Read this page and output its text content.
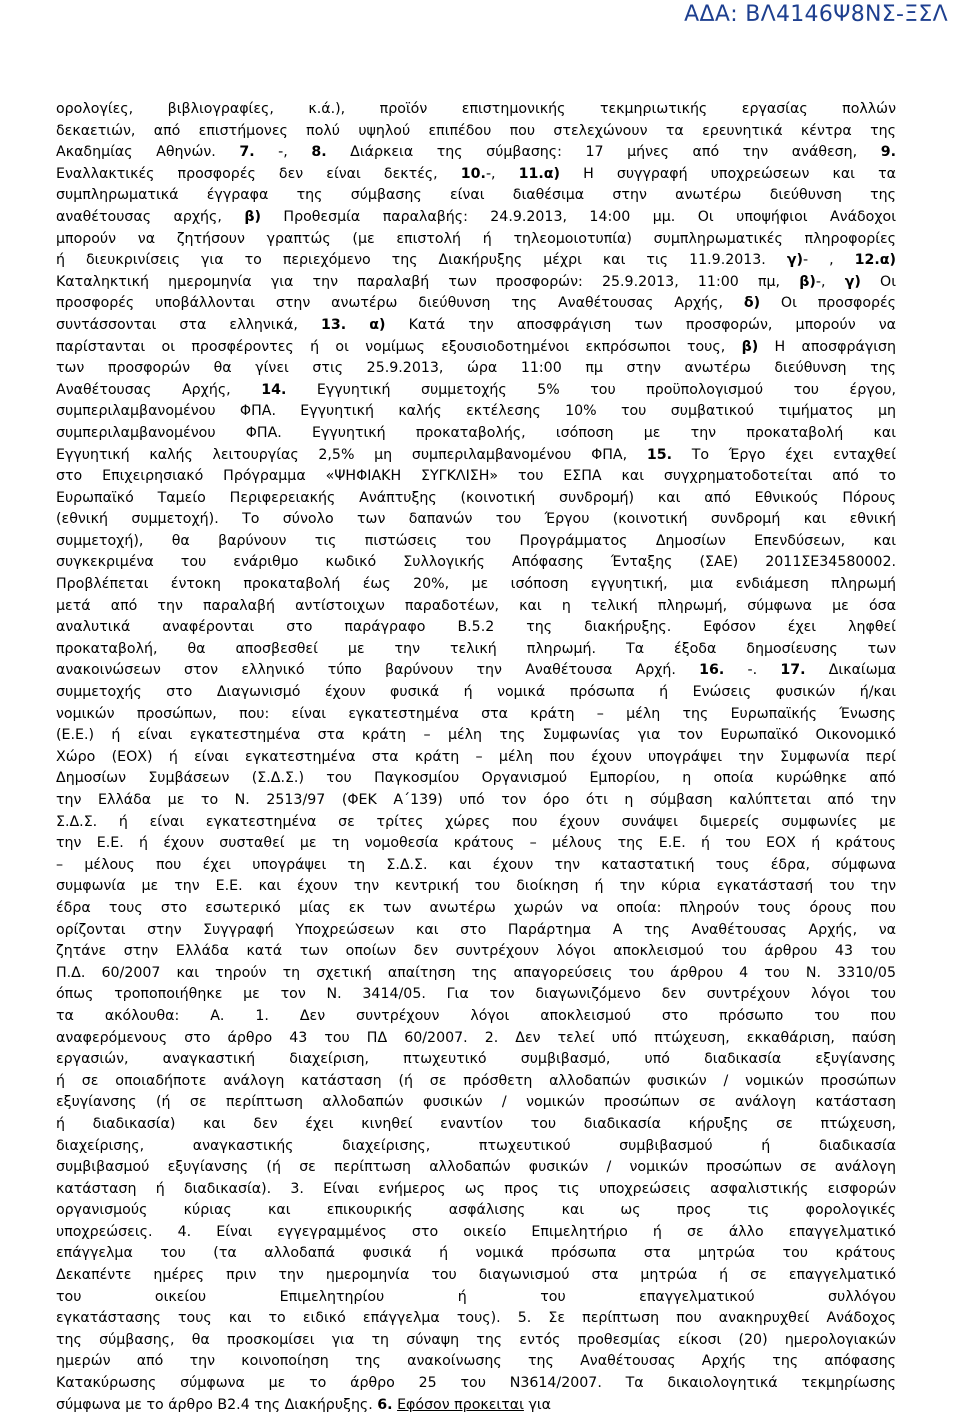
ΑΔΑ: ΒΛ4146Ψ8ΝΣ-ΞΣΛ
ορολογίες, βιβλιογραφίες, κ.ά.), προϊόν επιστημονικής τεκμηριωτικής εργασίας πολλών
δεκαετιών, από επιστήμονες πολύ υψηλού επιπέδου που στελεχώνουν τα ερευνητικά κέντρα της
Ακαδημίας Αθηνών. 7. -, 8. Διάρκεια της σύμβασης: 17 μήνες από την ανάθεση, 9.
Εναλλακτικές προσφορές δεν είναι δεκτές, 10.-, 11.α) Η συγγραφή υποχρεώσεων και τα
συμπληρωματικά έγγραφα της σύμβασης είναι διαθέσιμα στην ανωτέρω διεύθυνση της
αναθέτουσας αρχής, β) Προθεσμία παραλαβής: 24.9.2013, 14:00 μμ. Οι υποψήφιοι Ανάδοχοι
μπορούν να ζητήσουν γραπτώς (με επιστολή ή τηλεομοιοτυπία) συμπληρωματικές πληροφορίες
ή διευκρινίσεις για το περιεχόμενο της Διακήρυξης μέχρι και τις 11.9.2013. γ)- , 12.α)
Καταληκτική ημερομηνία για την παραλαβή των προσφορών: 25.9.2013, 11:00 πμ, β)-, γ) Οι
προσφορές υποβάλλονται στην ανωτέρω διεύθυνση της Αναθέτουσας Αρχής, δ) Οι προσφορές
συντάσσονται στα ελληνικά, 13. α) Κατά την αποσφράγιση των προσφορών, μπορούν να
παρίστανται οι προσφέροντες ή οι νομίμως εξουσιοδοτημένοι εκπρόσωποι τους, β) Η αποσφράγιση
των προσφορών θα γίνει στις 25.9.2013, ώρα 11:00 πμ στην ανωτέρω διεύθυνση της
Αναθέτουσας Αρχής, 14. Εγγυητική συμμετοχής 5% του προϋπολογισμού του έργου,
συμπεριλαμβανομένου ΦΠΑ. Εγγυητική καλής εκτέλεσης 10% του συμβατικού τιμήματος μη
συμπεριλαμβανομένου ΦΠΑ. Εγγυητική προκαταβολής, ισόποση με την προκαταβολή και
Εγγυητική καλής λειτουργίας 2,5% μη συμπεριλαμβανομένου ΦΠΑ, 15. Το Έργο έχει ενταχθεί
στο Επιχειρησιακό Πρόγραμμα «ΨΗΦΙΑΚΗ ΣΥΓΚΛΙΣΗ» του ΕΣΠΑ και συγχρηματοδοτείται από το
Ευρωπαϊκό Ταμείο Περιφερειακής Ανάπτυξης (κοινοτική συνδρομή) και από Εθνικούς Πόρους
(εθνική συμμετοχή). Το σύνολο των δαπανών του Έργου (κοινοτική συνδρομή και εθνική
συμμετοχή), θα βαρύνουν τις πιστώσεις του Προγράμματος Δημοσίων Επενδύσεων, και
συγκεκριμένα του ενάριθμο κωδικό Συλλογικής Απόφασης Ένταξης (ΣΑΕ) 2011ΣΕ34580002.
Προβλέπεται έντοκη προκαταβολή έως 20%, με ισόποση εγγυητική, μια ενδιάμεση πληρωμή
μετά από την παραλαβή αντίστοιχων παραδοτέων, και η τελική πληρωμή, σύμφωνα με όσα
αναλυτικά αναφέρονται στο παράγραφο Β.5.2 της διακήρυξης. Εφόσον έχει ληφθεί
προκαταβολή, θα αποσβεσθεί με την τελική πληρωμή. Τα έξοδα δημοσίευσης των
ανακοινώσεων στον ελληνικό τύπο βαρύνουν την Αναθέτουσα Αρχή. 16. -. 17. Δικαίωμα
συμμετοχής στο Διαγωνισμό έχουν φυσικά ή νομικά πρόσωπα ή Ενώσεις φυσικών ή/και
νομικών προσώπων, που: είναι εγκατεστημένα στα κράτη – μέλη της Ευρωπαϊκής Ένωσης
(Ε.Ε.) ή είναι εγκατεστημένα στα κράτη – μέλη της Συμφωνίας για τον Ευρωπαϊκό Οικονομικό
Χώρο (ΕΟΧ) ή είναι εγκατεστημένα στα κράτη – μέλη που έχουν υπογράψει την Συμφωνία περί
Δημοσίων Συμβάσεων (Σ.Δ.Σ.) του Παγκοσμίου Οργανισμού Εμπορίου, η οποία κυρώθηκε από
την Ελλάδα με το Ν. 2513/97 (ΦΕΚ Α΄139) υπό τον όρο ότι η σύμβαση καλύπτεται από την
Σ.Δ.Σ. ή είναι εγκατεστημένα σε τρίτες χώρες που έχουν συνάψει διμερείς συμφωνίες με
την Ε.Ε. ή έχουν συσταθεί με τη νομοθεσία κράτους – μέλους της Ε.Ε. ή του ΕΟΧ ή κράτους
– μέλους που έχει υπογράψει τη Σ.Δ.Σ. και έχουν την καταστατική τους έδρα, σύμφωνα
συμφωνία με την Ε.Ε. και έχουν την κεντρική του διοίκηση ή την κύρια εγκατάστασή του την
έδρα τους στο εσωτερικό μίας εκ των ανωτέρω χωρών να οποία: πληρούν τους όρους που
ορίζονται στην Συγγραφή Υποχρεώσεων και στο Παράρτημα Α της Αναθέτουσας Αρχής, να
ζητάνε στην Ελλάδα κατά των οποίων δεν συντρέχουν λόγοι αποκλεισμού του άρθρου 43 του
Π.Δ. 60/2007 και τηρούν τη σχετική απαίτηση της απαγορεύσεις του άρθρου 4 του Ν. 3310/05
όπως τροποποιήθηκε με τον Ν. 3414/05. Για τον διαγωνιζόμενο δεν συντρέχουν λόγοι του
τα ακόλουθα: Α. 1. Δεν συντρέχουν λόγοι αποκλεισμού στο πρόσωπο του που
αναφερόμενους στο άρθρο 43 του ΠΔ 60/2007. 2. Δεν τελεί υπό πτώχευση, εκκαθάριση, παύση
εργασιών, αναγκαστική διαχείριση, πτωχευτικό συμβιβασμό, υπό διαδικασία εξυγίανσης
ή σε οποιαδήποτε ανάλογη κατάσταση (ή σε πρόσθετη αλλοδαπών φυσικών / νομικών προσώπων
εξυγίανσης (ή σε περίπτωση αλλοδαπών φυσικών / νομικών προσώπων σε ανάλογη κατάσταση
ή διαδικασία) και δεν έχει κινηθεί εναντίον του διαδικασία κήρυξης σε πτώχευση,
διαχείρισης, αναγκαστικής διαχείρισης, πτωχευτικού συμβιβασμού ή διαδικασία
συμβιβασμού εξυγίανσης (ή σε περίπτωση αλλοδαπών φυσικών / νομικών προσώπων σε ανάλογη
κατάσταση ή διαδικασία). 3. Είναι ενήμερος ως προς τις υποχρεώσεις ασφαλιστικής εισφορών
οργανισμούς κύριας και επικουρικής ασφάλισης και ως προς τις φορολογικές
υποχρεώσεις. 4. Είναι εγγεγραμμένος στο οικείο Επιμελητήριο ή σε άλλο επαγγελματικό
επάγγελμα του (τα αλλοδαπά φυσικά ή νομικά πρόσωπα στα μητρώα του κράτους
Δεκαπέντε ημέρες πριν την ημερομηνία του διαγωνισμού στα μητρώα ή σε επαγγελματικό
του οικείου Επιμελητηρίου ή του επαγγελματικού συλλόγου
εγκατάστασης τους και το ειδικό επάγγελμα τους). 5. Σε περίπτωση που ανακηρυχθεί Ανάδοχος
της σύμβασης, θα προσκομίσει για τη σύναψη της εντός προθεσμίας είκοσι (20) ημερολογιακών
ημερών από την κοινοποίηση της ανακοίνωσης της Αναθέτουσας Αρχής της απόφασης
Κατακύρωσης σύμφωνα με το άρθρο 25 του Ν3614/2007. Τα δικαιολογητικά τεκμηρίωσης
σύμφωνα με το άρθρο B2.4 της Διακήρυξης. 6. Εφόσον προκειται για
